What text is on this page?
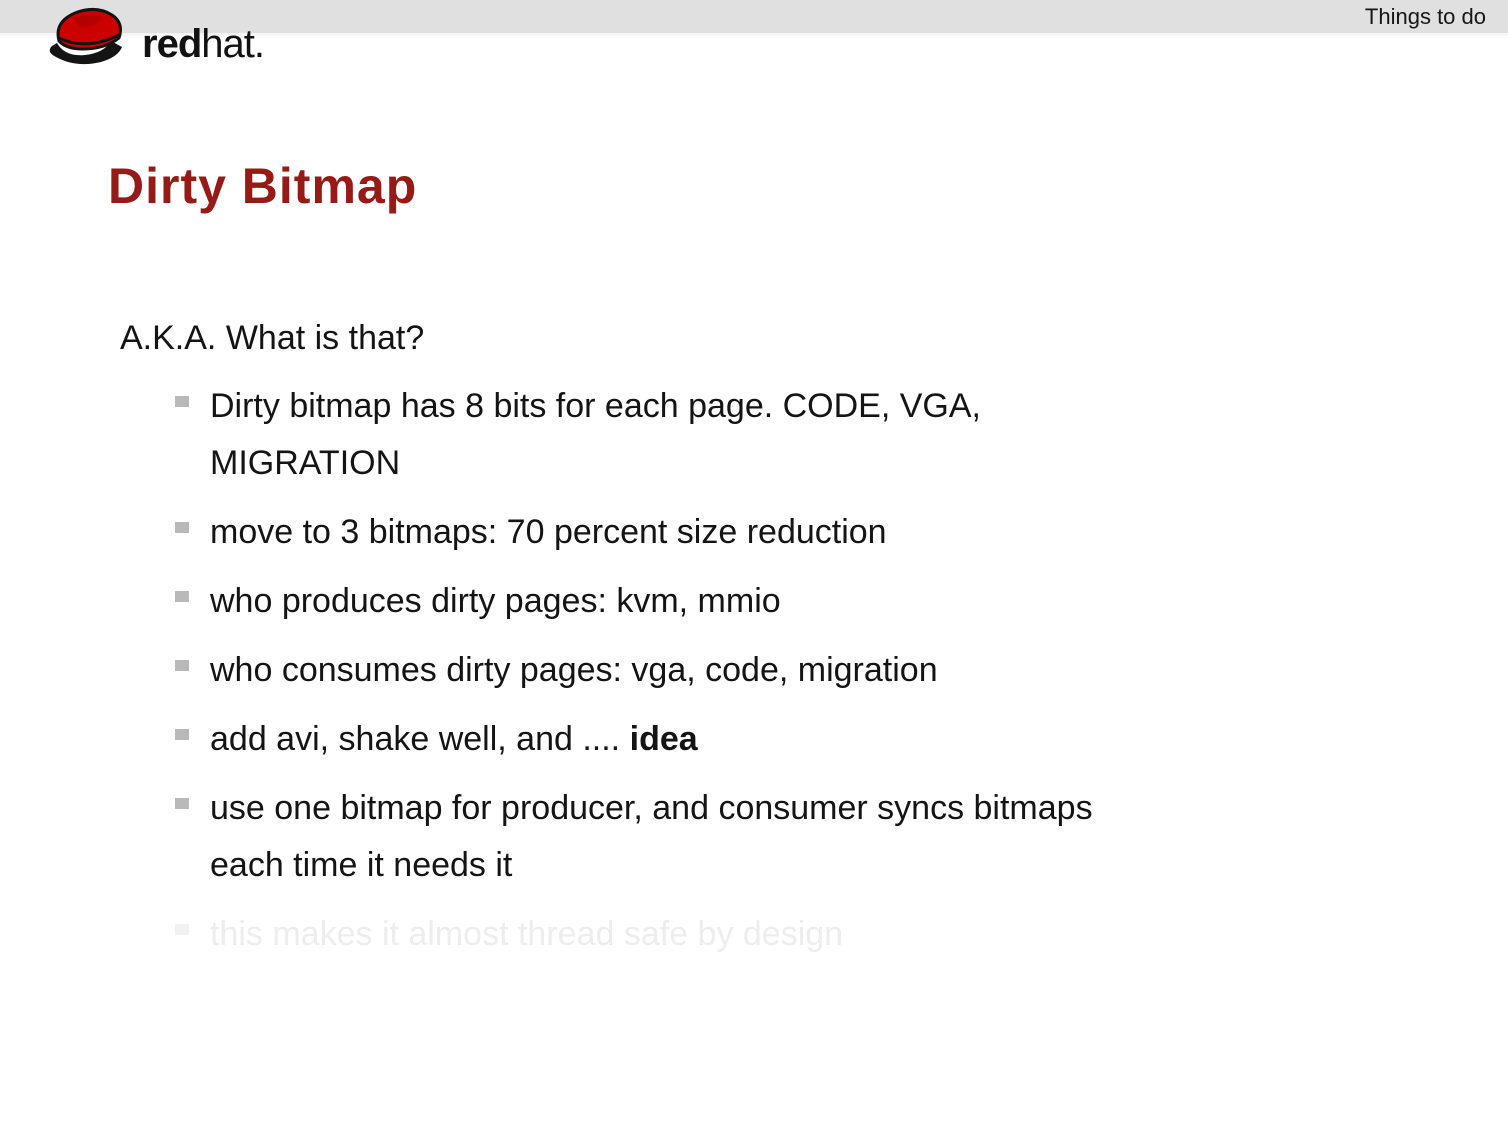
Things to do
redhat.
Dirty Bitmap

A.K.A. What is that?

Dirty bitmap has 8 bits for each page. CODE, VGA,
MIGRATION
move to 3 bitmaps: 70 percent size reduction
who produces dirty pages: kvm, mmio
who consumes dirty pages: vga, code, migration
add avi, shake well, and .... idea
use one bitmap for producer, and consumer syncs bitmaps
each time it needs it
this makes it almost thread safe by design
